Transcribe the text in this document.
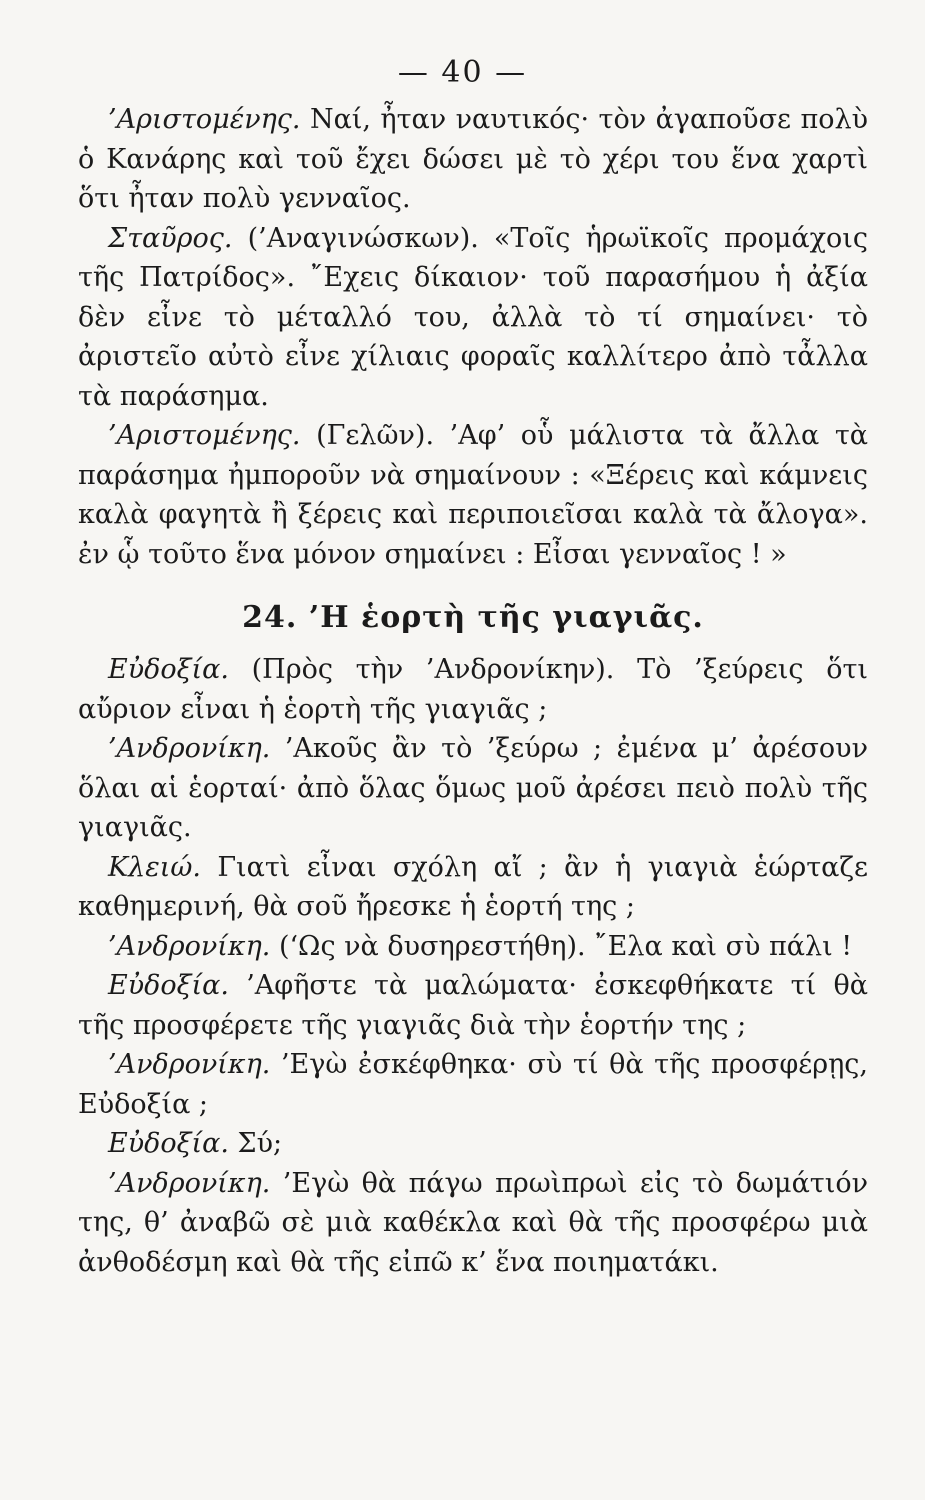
— 40 —

’Αριστομένης. Ναί, ἦταν ναυτικός· τὸν ἀγαποῦσε πολὺ ὁ Κανάρης καὶ τοῦ ἔχει δώσει μὲ τὸ χέρι του ἕνα χαρτὶ ὅτι ἦταν πολὺ γενναῖος.

Σταῦρος. (’Αναγινώσκων). «Τοῖς ἡρωϊκοῖς προμάχοις τῆς Πατρίδος». ῎Εχεις δίκαιον· τοῦ παρασήμου ἡ ἀξία δὲν εἶνε τὸ μέταλλό του, ἀλλὰ τὸ τί σημαίνει· τὸ ἀριστεῖο αὐτὸ εἶνε χίλιαις φοραῖς καλλίτερο ἀπὸ τἆλλα τὰ παράσημα.

’Αριστομένης. (Γελῶν). ’Αφ’ οὗ μάλιστα τὰ ἄλλα τὰ παράσημα ἠμποροῦν νὰ σημαίνουν : «Ξέρεις καὶ κάμνεις καλὰ φαγητὰ ἢ ξέρεις καὶ περιποιεῖσαι καλὰ τὰ ἄλογα». ἐν ᾧ τοῦτο ἕνα μόνον σημαίνει : Εἶσαι γενναῖος ! »

24. ’Η ἑορτὴ τῆς γιαγιᾶς.

Εὐδοξία. (Πρὸς τὴν ’Ανδρονίκην). Τὸ ’ξεύρεις ὅτι αὔριον εἶναι ἡ ἑορτὴ τῆς γιαγιᾶς ;

’Ανδρονίκη. ’Ακοῦς ἂν τὸ ’ξεύρω ; ἐμένα μ’ ἀρέσουν ὅλαι αἱ ἑορταί· ἀπὸ ὅλας ὅμως μοῦ ἀρέσει πειὸ πολὺ τῆς γιαγιᾶς.

Κλειώ. Γιατὶ εἶναι σχόλη αἴ ; ἂν ἡ γιαγιὰ ἑώρταζε καθημερινή, θὰ σοῦ ἤρεσκε ἡ ἑορτή της ;

’Ανδρονίκη. (‘Ως νὰ δυσηρεστήθη). ῎Ελα καὶ σὺ πάλι !

Εὐδοξία. ’Αφῆστε τὰ μαλώματα· ἐσκεφθήκατε τί θὰ τῆς προσφέρετε τῆς γιαγιᾶς διὰ τὴν ἑορτήν της ;

’Ανδρονίκη. ’Εγὼ ἐσκέφθηκα· σὺ τί θὰ τῆς προσφέρῃς, Εὐδοξία ;

Εὐδοξία. Σύ;

’Ανδρονίκη. ’Εγὼ θὰ πάγω πρωὶπρωὶ εἰς τὸ δωμάτιόν της, θ’ ἀναβῶ σὲ μιὰ καθέκλα καὶ θὰ τῆς προσφέρω μιὰ ἀνθοδέσμη καὶ θὰ τῆς εἰπῶ κ’ ἕνα ποιηματάκι.
